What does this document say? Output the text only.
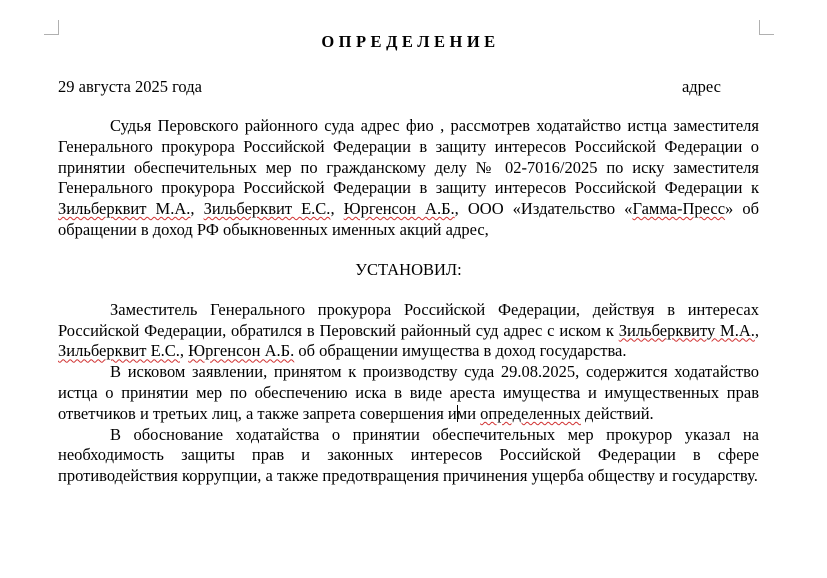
ОПРЕДЕЛЕНИЕ
29 августа 2025 года	адрес

Судья Перовского районного суда адрес фио , рассмотрев ходатайство истца заместителя Генерального прокурора Российской Федерации в защиту интересов Российской Федерации о принятии обеспечительных мер по гражданскому делу № 02-7016/2025 по иску заместителя Генерального прокурора Российской Федерации в защиту интересов Российской Федерации к Зильберквит М.А., Зильберквит Е.С., Юргенсон А.Б., ООО «Издательство «Гамма-Пресс» об обращении в доход РФ обыкновенных именных акций адрес,

УСТАНОВИЛ:

Заместитель Генерального прокурора Российской Федерации, действуя в интересах Российской Федерации, обратился в Перовский районный суд адрес с иском к Зильберквиту М.А., Зильберквит Е.С., Юргенсон А.Б. об обращении имущества в доход государства.

В исковом заявлении, принятом к производству суда 29.08.2025, содержится ходатайство истца о принятии мер по обеспечению иска в виде ареста имущества и имущественных прав ответчиков и третьих лиц, а также запрета совершения ими определенных действий.

В обоснование ходатайства о принятии обеспечительных мер прокурор указал на необходимость защиты прав и законных интересов Российской Федерации в сфере противодействия коррупции, а также предотвращения причинения ущерба обществу и государству.
